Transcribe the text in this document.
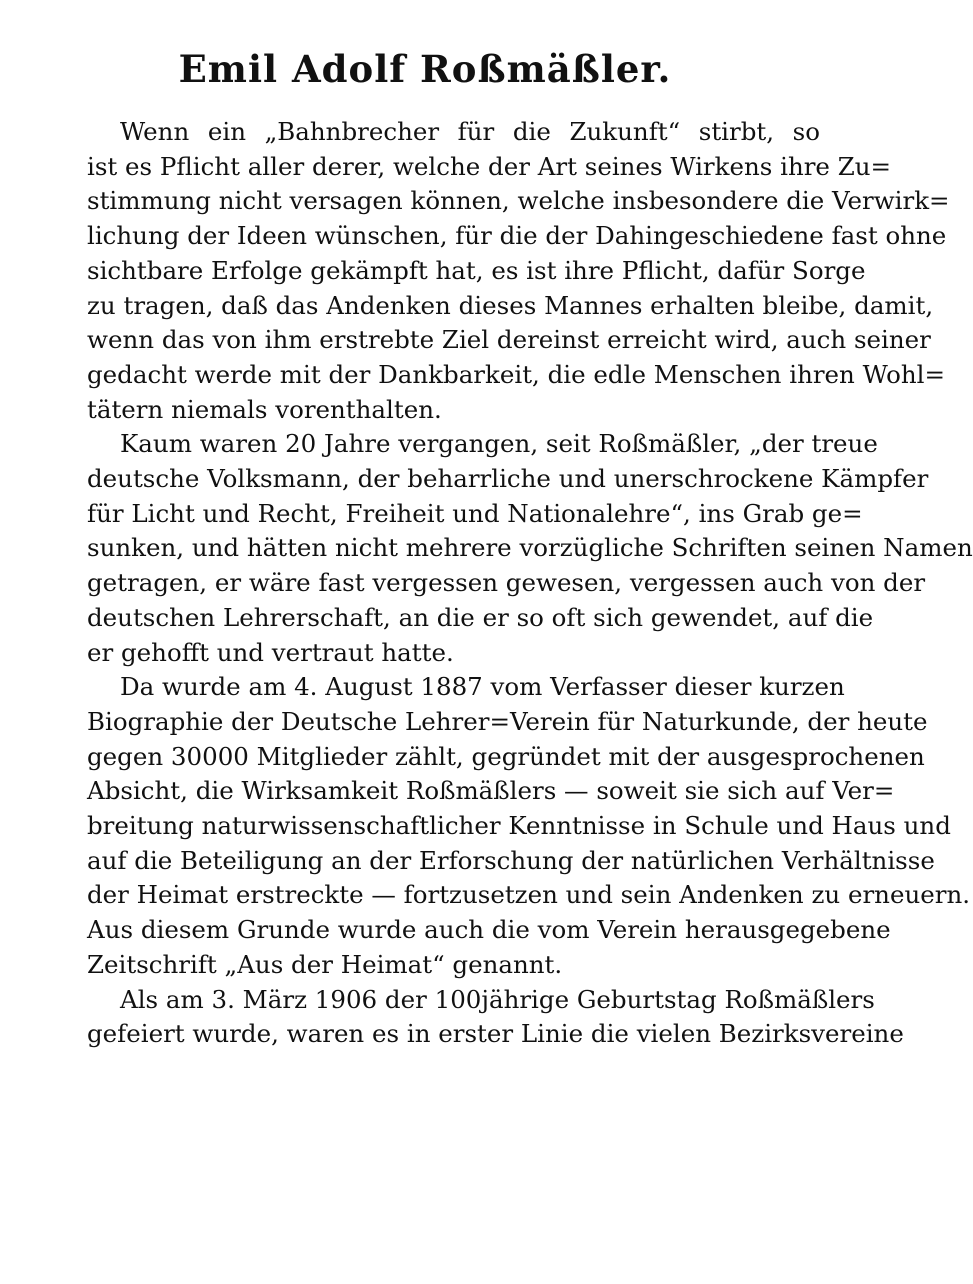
Emil Adolf Roßmäßler.
Wenn ein „Bahnbrecher für die Zukunft“ stirbt, so
ist es Pflicht aller derer, welche der Art seines Wirkens ihre Zu=
stimmung nicht versagen können, welche insbesondere die Verwirk=
lichung der Ideen wünschen, für die der Dahingeschiedene fast ohne
sichtbare Erfolge gekämpft hat, es ist ihre Pflicht, dafür Sorge
zu tragen, daß das Andenken dieses Mannes erhalten bleibe, damit,
wenn das von ihm erstrebte Ziel dereinst erreicht wird, auch seiner
gedacht werde mit der Dankbarkeit, die edle Menschen ihren Wohl=
tätern niemals vorenthalten.
Kaum waren 20 Jahre vergangen, seit Roßmäßler, „der treue
deutsche Volksmann, der beharrliche und unerschrockene Kämpfer
für Licht und Recht, Freiheit und Nationalehre“, ins Grab ge=
sunken, und hätten nicht mehrere vorzügliche Schriften seinen Namen
getragen, er wäre fast vergessen gewesen, vergessen auch von der
deutschen Lehrerschaft, an die er so oft sich gewendet, auf die
er gehofft und vertraut hatte.
Da wurde am 4. August 1887 vom Verfasser dieser kurzen
Biographie der Deutsche Lehrer=Verein für Naturkunde, der heute
gegen 30000 Mitglieder zählt, gegründet mit der ausgesprochenen
Absicht, die Wirksamkeit Roßmäßlers — soweit sie sich auf Ver=
breitung naturwissenschaftlicher Kenntnisse in Schule und Haus und
auf die Beteiligung an der Erforschung der natürlichen Verhältnisse
der Heimat erstreckte — fortzusetzen und sein Andenken zu erneuern.
Aus diesem Grunde wurde auch die vom Verein herausgegebene
Zeitschrift „Aus der Heimat“ genannt.
Als am 3. März 1906 der 100jährige Geburtstag Roßmäßlers
gefeiert wurde, waren es in erster Linie die vielen Bezirksvereine
